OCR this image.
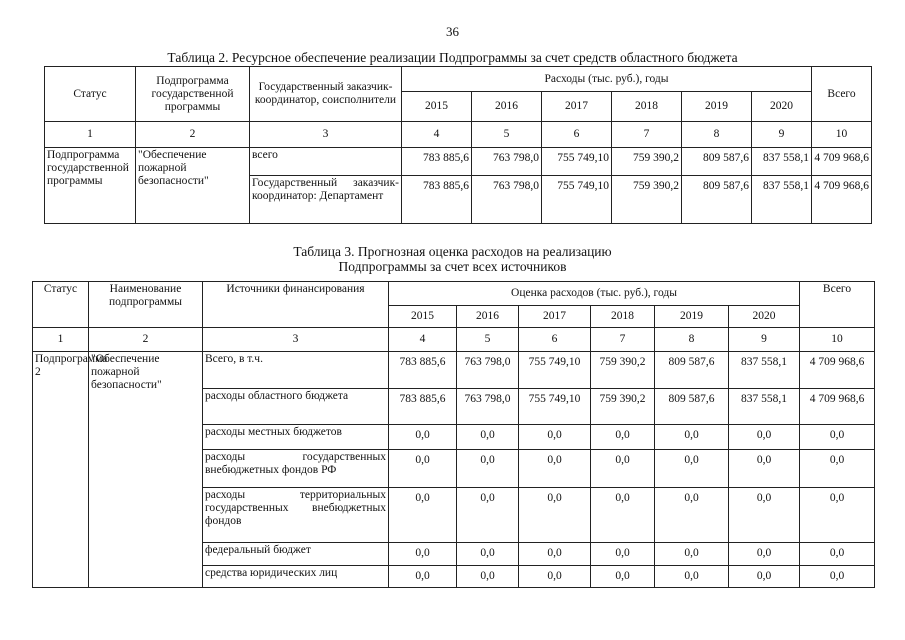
36
Таблица 2. Ресурсное обеспечение реализации Подпрограммы за счет средств областного бюджета
Статус	Подпрограмма государственной программы	Государственный заказчик-координатор, соисполнители	Расходы (тыс. руб.), годы						Всего
			2015	2016	2017	2018	2019	2020	
1	2	3	4	5	6	7	8	9	10
Подпрограмма государственной программы	"Обеспечение пожарной безопасности"	всего	783 885,6	763 798,0	755 749,10	759 390,2	809 587,6	837 558,1	4 709 968,6
		Государственный заказчик-координатор: Департамент	783 885,6	763 798,0	755 749,10	759 390,2	809 587,6	837 558,1	4 709 968,6
Таблица 3. Прогнозная оценка расходов на реализацию
Подпрограммы за счет всех источников
Статус	Наименование подпрограммы	Источники финансирования	Оценка расходов (тыс. руб.), годы						Всего
			2015	2016	2017	2018	2019	2020	
1	2	3	4	5	6	7	8	9	10
Подпрограмма 2	"Обеспечение пожарной безопасности"	Всего, в т.ч.	783 885,6	763 798,0	755 749,10	759 390,2	809 587,6	837 558,1	4 709 968,6
		расходы областного бюджета	783 885,6	763 798,0	755 749,10	759 390,2	809 587,6	837 558,1	4 709 968,6
		расходы местных бюджетов	0,0	0,0	0,0	0,0	0,0	0,0	0,0
		расходы государственных внебюджетных фондов РФ	0,0	0,0	0,0	0,0	0,0	0,0	0,0
		расходы территориальных государственных внебюджетных фондов	0,0	0,0	0,0	0,0	0,0	0,0	0,0
		федеральный бюджет	0,0	0,0	0,0	0,0	0,0	0,0	0,0
		средства юридических лиц	0,0	0,0	0,0	0,0	0,0	0,0	0,0
